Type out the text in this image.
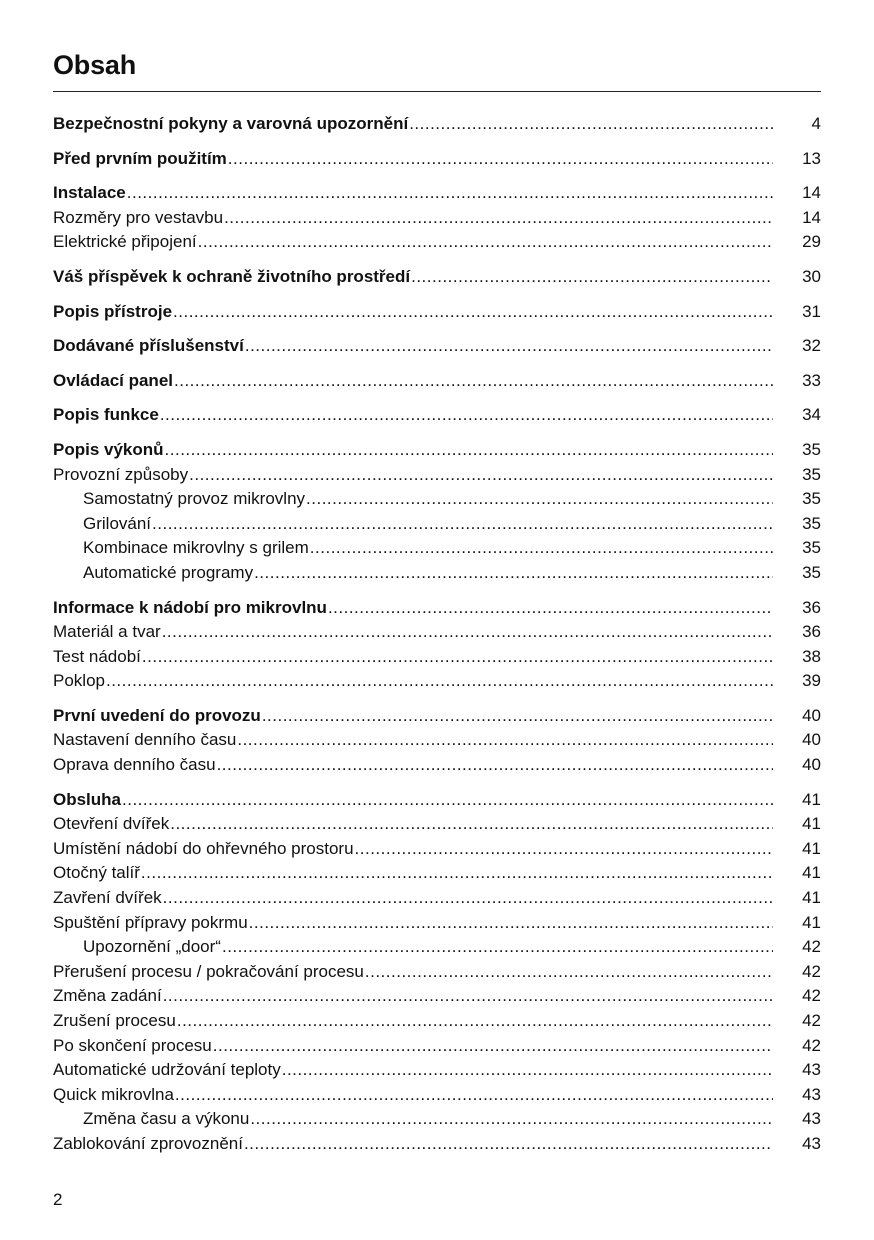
Obsah
Bezpečnostní pokyny a varovná upozornění .....	4
Před prvním použitím .....	13
Instalace .....	14
Rozměry pro vestavbu .....	14
Elektrické připojení .....	29
Váš příspěvek k ochraně životního prostředí .....	30
Popis přístroje .....	31
Dodávané příslušenství .....	32
Ovládací panel .....	33
Popis funkce .....	34
Popis výkonů .....	35
Provozní způsoby .....	35
Samostatný provoz mikrovlny .....	35
Grilování .....	35
Kombinace mikrovlny s grilem .....	35
Automatické programy .....	35
Informace k nádobí pro mikrovlnu .....	36
Materiál a tvar .....	36
Test nádobí .....	38
Poklop .....	39
První uvedení do provozu .....	40
Nastavení denního času .....	40
Oprava denního času .....	40
Obsluha .....	41
Otevření dvířek .....	41
Umístění nádobí do ohřevného prostoru .....	41
Otočný talíř .....	41
Zavření dvířek .....	41
Spuštění přípravy pokrmu .....	41
Upozornění „door“ .....	42
Přerušení procesu / pokračování procesu .....	42
Změna zadání .....	42
Zrušení procesu .....	42
Po skončení procesu .....	42
Automatické udržování teploty .....	43
Quick mikrovlna .....	43
Změna času a výkonu .....	43
Zablokování zprovoznění .....	43
2
